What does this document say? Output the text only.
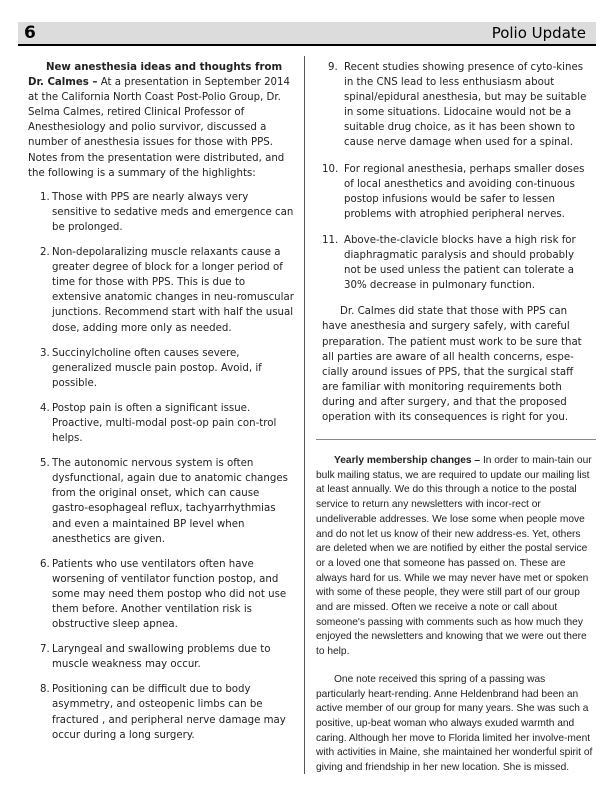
6	Polio Update

New anesthesia ideas and thoughts from Dr. Calmes – At a presentation in September 2014 at the California North Coast Post-Polio Group, Dr. Selma Calmes, retired Clinical Professor of Anesthesiology and polio survivor, discussed a number of anesthesia issues for those with PPS. Notes from the presentation were distributed, and the following is a summary of the highlights:

1. Those with PPS are nearly always very sensitive to sedative meds and emergence can be prolonged.
2. Non-depolaralizing muscle relaxants cause a greater degree of block for a longer period of time for those with PPS. This is due to extensive anatomic changes in neu-romuscular junctions. Recommend start with half the usual dose, adding more only as needed.
3. Succinylcholine often causes severe, generalized muscle pain postop. Avoid, if possible.
4. Postop pain is often a significant issue. Proactive, multi-modal post-op pain con-trol helps.
5. The autonomic nervous system is often dysfunctional, again due to anatomic changes from the original onset, which can cause gastro-esophageal reflux, tachyarrhythmias and even a maintained BP level when anesthetics are given.
6. Patients who use ventilators often have worsening of ventilator function postop, and some may need them postop who did not use them before. Another ventilation risk is obstructive sleep apnea.
7. Laryngeal and swallowing problems due to muscle weakness may occur.
8. Positioning can be difficult due to body asymmetry, and osteopenic limbs can be fractured , and peripheral nerve damage may occur during a long surgery.
9. Recent studies showing presence of cyto-kines in the CNS lead to less enthusiasm about spinal/epidural anesthesia, but may be suitable in some situations. Lidocaine would not be a suitable drug choice, as it has been shown to cause nerve damage when used for a spinal.
10. For regional anesthesia, perhaps smaller doses of local anesthetics and avoiding con-tinuous postop infusions would be safer to lessen problems with atrophied peripheral nerves.
11. Above-the-clavicle blocks have a high risk for diaphragmatic paralysis and should probably not be used unless the patient can tolerate a 30% decrease in pulmonary function.

Dr. Calmes did state that those with PPS can have anesthesia and surgery safely, with careful preparation. The patient must work to be sure that all parties are aware of all health concerns, espe-cially around issues of PPS, that the surgical staff are familiar with monitoring requirements both during and after surgery, and that the proposed operation with its consequences is right for you.

Yearly membership changes – In order to main-tain our bulk mailing status, we are required to update our mailing list at least annually. We do this through a notice to the postal service to return any newsletters with incor-rect or undeliverable addresses. We lose some when people move and do not let us know of their new address-es. Yet, others are deleted when we are notified by either the postal service or a loved one that someone has passed on. These are always hard for us. While we may never have met or spoken with some of these people, they were still part of our group and are missed. Often we receive a note or call about someone's passing with comments such as how much they enjoyed the newsletters and knowing that we were out there to help.

One note received this spring of a passing was particularly heart-rending. Anne Heldenbrand had been an active member of our group for many years. She was such a positive, up-beat woman who always exuded warmth and caring. Although her move to Florida limited her involve-ment with activities in Maine, she maintained her wonderful spirit of giving and friendship in her new location. She is missed.
